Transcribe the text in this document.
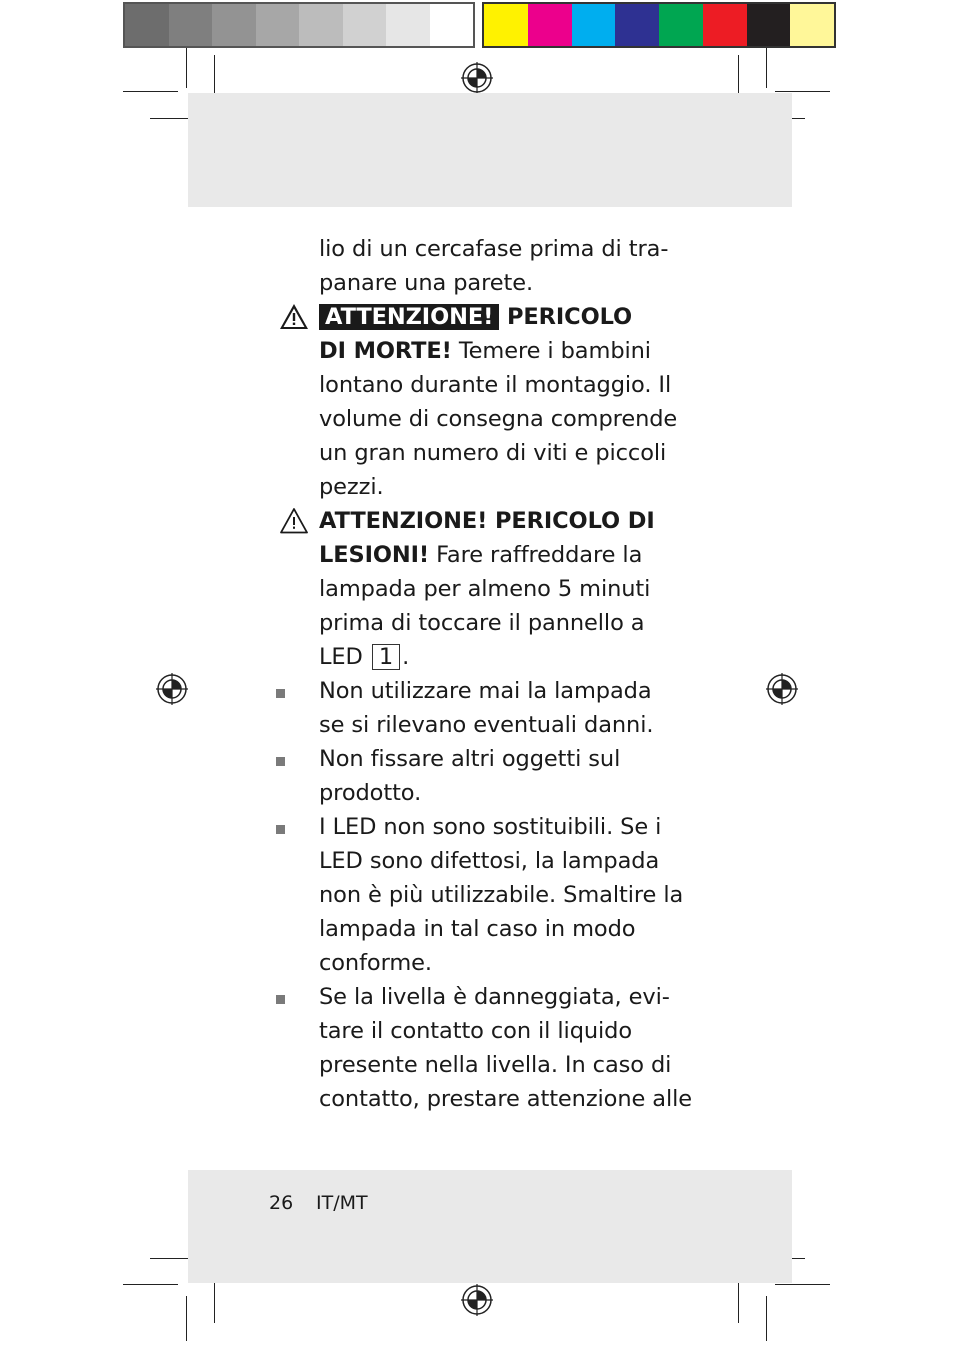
lio di un cercafase prima di tra-
panare una parete.
ATTENZIONE! PERICOLO
DI MORTE! Temere i bambini
lontano durante il montaggio. Il
volume di consegna comprende
un gran numero di viti e piccoli
pezzi.
ATTENZIONE! PERICOLO DI
LESIONI! Fare raffreddare la
lampada per almeno 5 minuti
prima di toccare il pannello a
LED 1 .
Non utilizzare mai la lampada
se si rilevano eventuali danni.
Non fissare altri oggetti sul
prodotto.
I LED non sono sostituibili. Se i
LED sono difettosi, la lampada
non è più utilizzabile. Smaltire la
lampada in tal caso in modo
conforme.
Se la livella è danneggiata, evi-
tare il contatto con il liquido
presente nella livella. In caso di
contatto, prestare attenzione alle
26 IT/MT
